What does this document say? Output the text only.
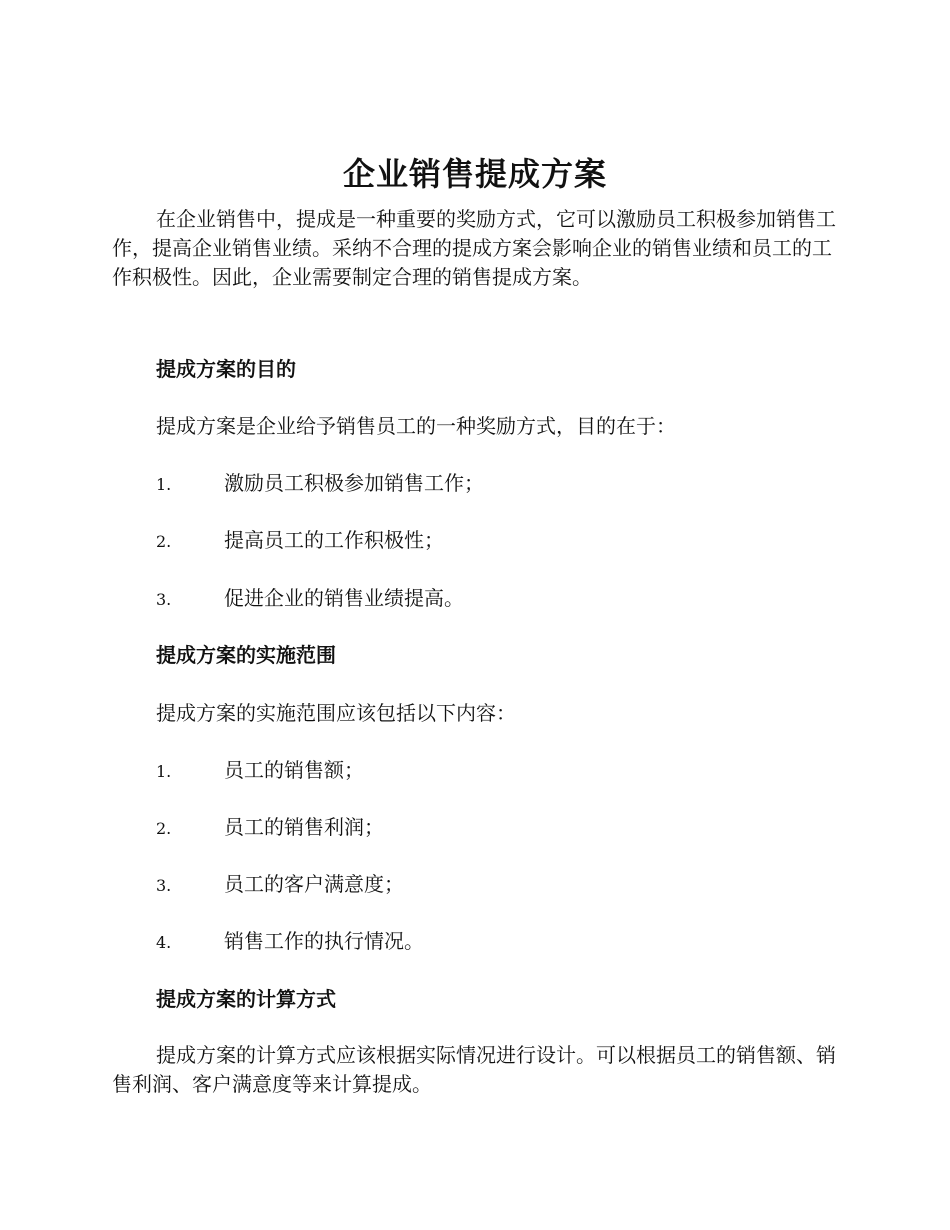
企业销售提成方案
在企业销售中，提成是一种重要的奖励方式，它可以激励员工积极参加销售工作，提高企业销售业绩。采纳不合理的提成方案会影响企业的销售业绩和员工的工作积极性。因此，企业需要制定合理的销售提成方案。
提成方案的目的
提成方案是企业给予销售员工的一种奖励方式，目的在于：
1.	激励员工积极参加销售工作；
2.	提高员工的工作积极性；
3.	促进企业的销售业绩提高。
提成方案的实施范围
提成方案的实施范围应该包括以下内容：
1.	员工的销售额；
2.	员工的销售利润；
3.	员工的客户满意度；
4.	销售工作的执行情况。
提成方案的计算方式
提成方案的计算方式应该根据实际情况进行设计。可以根据员工的销售额、销售利润、客户满意度等来计算提成。
